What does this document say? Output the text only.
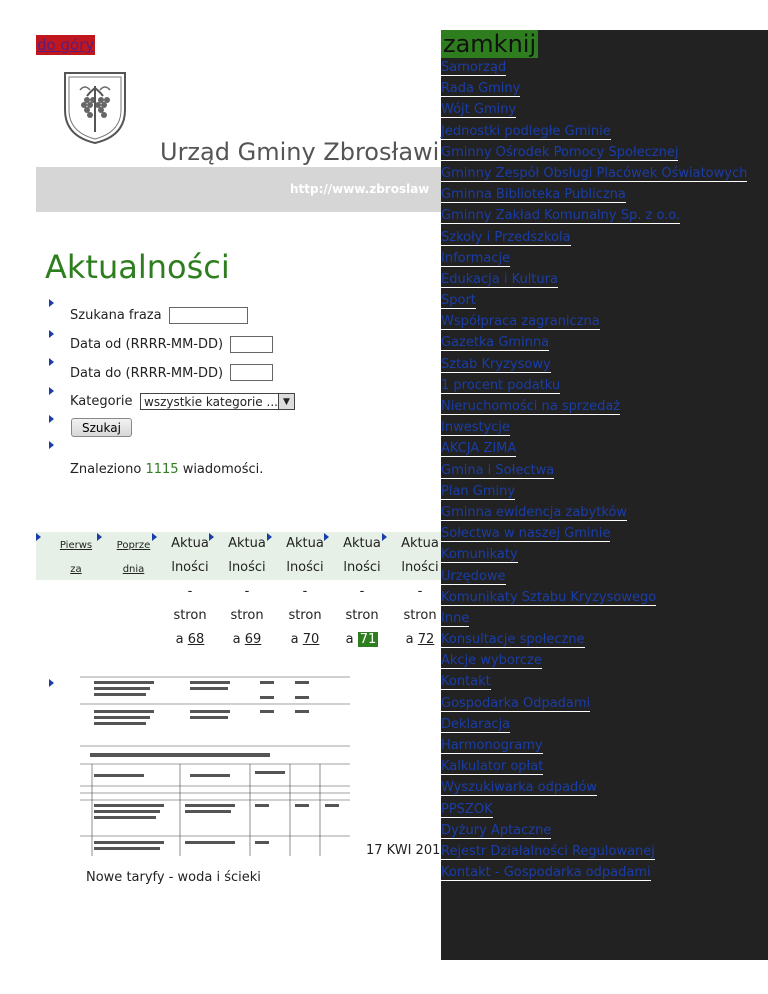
do góry
Urząd Gminy Zbrosławi
http://www.zbroslaw
Aktualności
Szukana fraza
Data od (RRRR-MM-DD)
Data do (RRRR-MM-DD)
Kategorie wszystkie kategorie ... ▼
Szukaj
Znaleziono 1115 wiadomości.
Pierws
za
Poprze
dnia
Aktua
lności
-
stron
a 68
Aktua
lności
-
stron
a 69
Aktua
lności
-
stron
a 70
Aktua
lności
-
stron
a 71
Aktua
lności
-
stron
a 72
17 KWI 201
Nowe taryfy - woda i ścieki
zamknij
Samorząd
Rada Gminy
Wójt Gminy
Jednostki podległe Gminie
Gminny Ośrodek Pomocy Społecznej
Gminny Zespół Obsługi Placówek Oświatowych
Gminna Biblioteka Publiczna
Gminny Zakład Komunalny Sp. z o.o.
Szkoły i Przedszkola
Informacje
Edukacja i Kultura
Sport
Współpraca zagraniczna
Gazetka Gminna
Sztab Kryzysowy
1 procent podatku
Nieruchomości na sprzedaż
Inwestycje
AKCJA ZIMA
Gmina i Sołectwa
Plan Gminy
Gminna ewidencja zabytków
Sołectwa w naszej Gminie
Komunikaty
Urzędowe
Komunikaty Sztabu Kryzysowego
Inne
Konsultacje społeczne
Akcje wyborcze
Kontakt
Gospodarka Odpadami
Deklaracja
Harmonogramy
Kalkulator opłat
Wyszukiwarka odpadów
PPSZOK
Dyżury Aptaczne
Rejestr Działalności Regulowanej
Kontakt - Gospodarka odpadami
